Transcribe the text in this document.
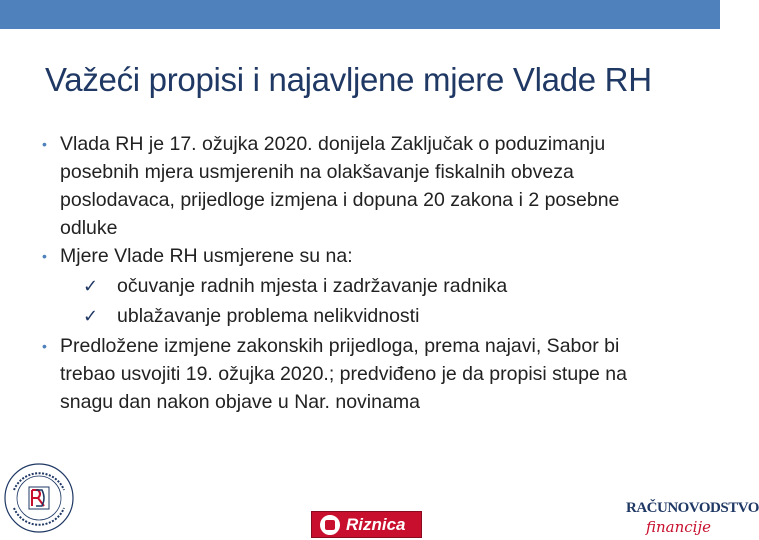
Važeći propisi i najavljene mjere Vlade RH

• Vlada RH je 17. ožujka 2020. donijela Zaključak o poduzimanju posebnih mjera usmjerenih na olakšavanje fiskalnih obveza poslodavaca, prijedloge izmjena i dopuna 20 zakona i 2 posebne odluke

• Mjere Vlade RH usmjerene su na:

✓ očuvanje radnih mjesta i zadržavanje radnika

✓ ublažavanje problema nelikvidnosti

• Predložene izmjene zakonskih prijedloga, prema najavi, Sabor bi trebao usvojiti 19. ožujka 2020.; predviđeno je da propisi stupe na snagu dan nakon objave u Nar. novinama

Riznica
RAČUNOVODSTVO
financije
